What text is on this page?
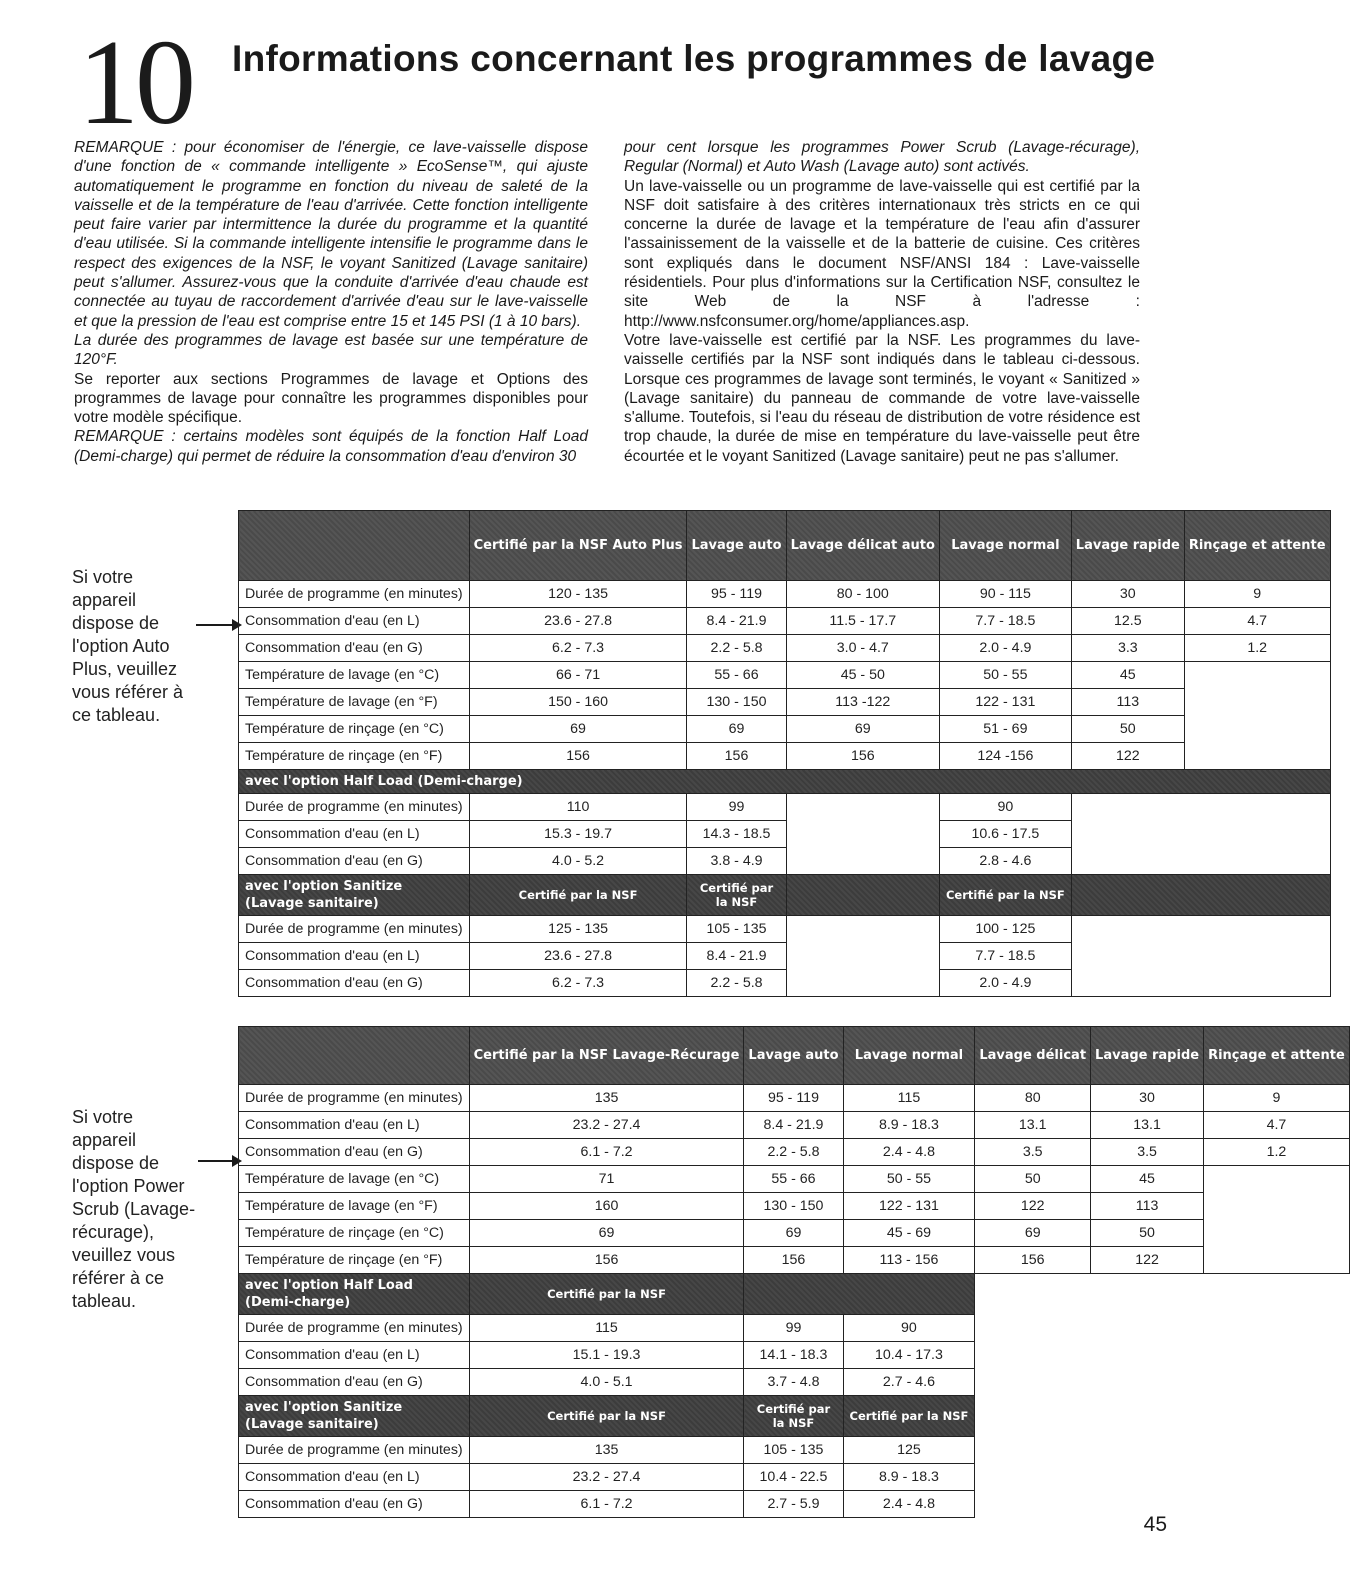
10 Informations concernant les programmes de lavage

REMARQUE : pour économiser de l'énergie, ce lave-vaisselle dispose d'une fonction de « commande intelligente » EcoSense™, qui ajuste automatiquement le programme en fonction du niveau de saleté de la vaisselle et de la température de l'eau d'arrivée. Cette fonction intelligente peut faire varier par intermittence la durée du programme et la quantité d'eau utilisée. Si la commande intelligente intensifie le programme dans le respect des exigences de la NSF, le voyant Sanitized (Lavage sanitaire) peut s'allumer. Assurez-vous que la conduite d'arrivée d'eau chaude est connectée au tuyau de raccordement d'arrivée d'eau sur le lave-vaisselle et que la pression de l'eau est comprise entre 15 et 145 PSI (1 à 10 bars).

La durée des programmes de lavage est basée sur une température de 120°F.

Se reporter aux sections Programmes de lavage et Options des programmes de lavage pour connaître les programmes disponibles pour votre modèle spécifique.

REMARQUE : certains modèles sont équipés de la fonction Half Load (Demi-charge) qui permet de réduire la consommation d'eau d'environ 30

pour cent lorsque les programmes Power Scrub (Lavage-récurage), Regular (Normal) et Auto Wash (Lavage auto) sont activés.

Un lave-vaisselle ou un programme de lave-vaisselle qui est certifié par la NSF doit satisfaire à des critères internationaux très stricts en ce qui concerne la durée de lavage et la température de l'eau afin d'assurer l'assainissement de la vaisselle et de la batterie de cuisine. Ces critères sont expliqués dans le document NSF/ANSI 184 : Lave-vaisselle résidentiels. Pour plus d'informations sur la Certification NSF, consultez le site Web de la NSF à l'adresse : http://www.nsfconsumer.org/home/appliances.asp.

Votre lave-vaisselle est certifié par la NSF. Les programmes du lave-vaisselle certifiés par la NSF sont indiqués dans le tableau ci-dessous. Lorsque ces programmes de lavage sont terminés, le voyant « Sanitized » (Lavage sanitaire) du panneau de commande de votre lave-vaisselle s'allume. Toutefois, si l'eau du réseau de distribution de votre résidence est trop chaude, la durée de mise en température du lave-vaisselle peut être écourtée et le voyant Sanitized (Lavage sanitaire) peut ne pas s'allumer.

Si votre appareil dispose de l'option Auto Plus, veuillez vous référer à ce tableau.
Si votre appareil dispose de l'option Power Scrub (Lavage-récurage), veuillez vous référer à ce tableau.
	Certifié par la NSF Auto Plus	Lavage auto	Lavage délicat auto	Lavage normal	Lavage rapide	Rinçage et attente
Durée de programme (en minutes)	120 - 135	95 - 119	80 - 100	90 - 115	30	9
Consommation d'eau (en L)	23.6 - 27.8	8.4 - 21.9	11.5 - 17.7	7.7 - 18.5	12.5	4.7
Consommation d'eau (en G)	6.2 - 7.3	2.2 - 5.8	3.0 - 4.7	2.0 - 4.9	3.3	1.2
Température de lavage (en °C)	66 - 71	55 - 66	45 - 50	50 - 55	45	
Température de lavage (en °F)	150 - 160	130 - 150	113 -122	122 - 131	113	
Température de rinçage (en °C)	69	69	69	51 - 69	50	
Température de rinçage (en °F)	156	156	156	124 -156	122	
avec l'option Half Load (Demi-charge)						
Durée de programme (en minutes)	110	99		90		
Consommation d'eau (en L)	15.3 - 19.7	14.3 - 18.5		10.6 - 17.5		
Consommation d'eau (en G)	4.0 - 5.2	3.8 - 4.9		2.8 - 4.6		
avec l'option Sanitize (Lavage sanitaire)	Certifié par la NSF	Certifié par la NSF		Certifié par la NSF		
Durée de programme (en minutes)	125 - 135	105 - 135		100 - 125		
Consommation d'eau (en L)	23.6 - 27.8	8.4 - 21.9		7.7 - 18.5		
Consommation d'eau (en G)	6.2 - 7.3	2.2 - 5.8		2.0 - 4.9		
	Certifié par la NSF Lavage-Récurage	Lavage auto	Lavage normal	Lavage délicat	Lavage rapide	Rinçage et attente
Durée de programme (en minutes)	135	95 - 119	115	80	30	9
Consommation d'eau (en L)	23.2 - 27.4	8.4 - 21.9	8.9 - 18.3	13.1	13.1	4.7
Consommation d'eau (en G)	6.1 - 7.2	2.2 - 5.8	2.4 - 4.8	3.5	3.5	1.2
Température de lavage (en °C)	71	55 - 66	50 - 55	50	45	
Température de lavage (en °F)	160	130 - 150	122 - 131	122	113	
Température de rinçage (en °C)	69	69	45 - 69	69	50	
Température de rinçage (en °F)	156	156	113 - 156	156	122	
avec l'option Half Load (Demi-charge)	Certifié par la NSF					
Durée de programme (en minutes)	115	99	90			
Consommation d'eau (en L)	15.1 - 19.3	14.1 - 18.3	10.4 - 17.3			
Consommation d'eau (en G)	4.0 - 5.1	3.7 - 4.8	2.7 - 4.6			
avec l'option Sanitize (Lavage sanitaire)	Certifié par la NSF	Certifié par la NSF	Certifié par la NSF			
Durée de programme (en minutes)	135	105 - 135	125			
Consommation d'eau (en L)	23.2 - 27.4	10.4 - 22.5	8.9 - 18.3			
Consommation d'eau (en G)	6.1 - 7.2	2.7 - 5.9	2.4 - 4.8			
45
